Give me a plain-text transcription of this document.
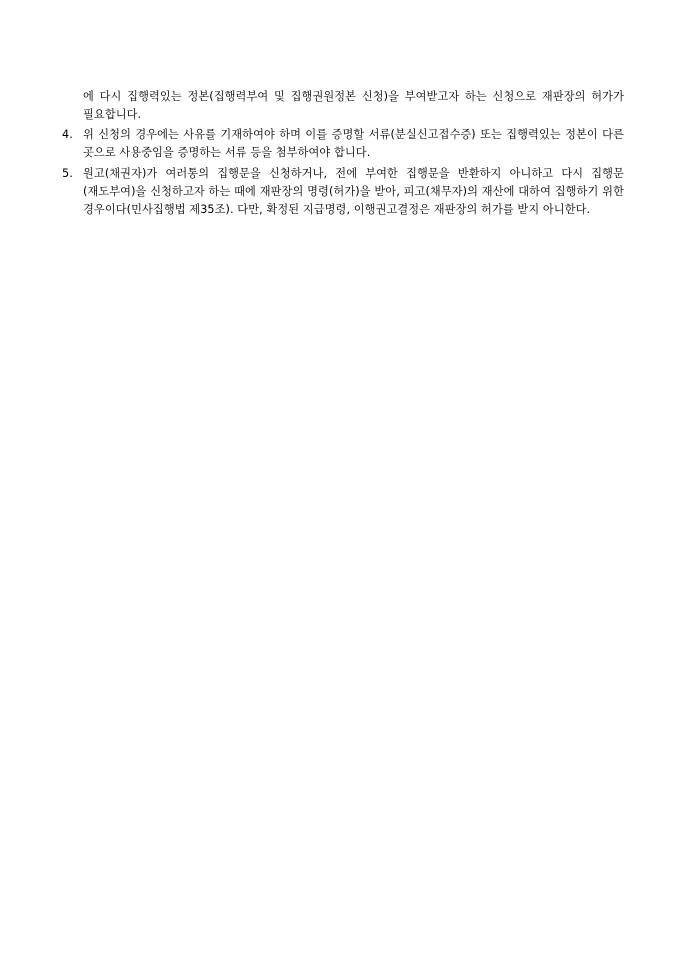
에 다시 집행력있는 정본(집행력부여 및 집행권원정본 신청)을 부여받고자 하는 신청으로 재판장의 허가가 필요합니다.

4. 위 신청의 경우에는 사유를 기재하여야 하며 이를 증명할 서류(분실신고접수증) 또는 집행력있는 정본이 다른 곳으로 사용중임을 증명하는 서류 등을 첨부하여야 합니다.

5. 원고(채권자)가 여러통의 집행문을 신청하거나, 전에 부여한 집행문을 반환하지 아니하고 다시 집행문(재도부여)을 신청하고자 하는 때에 재판장의 명령(허가)을 받아, 피고(채무자)의 재산에 대하여 집행하기 위한 경우이다(민사집행법 제35조). 다만, 확정된 지급명령, 이행권고결정은 재판장의 허가를 받지 아니한다.
